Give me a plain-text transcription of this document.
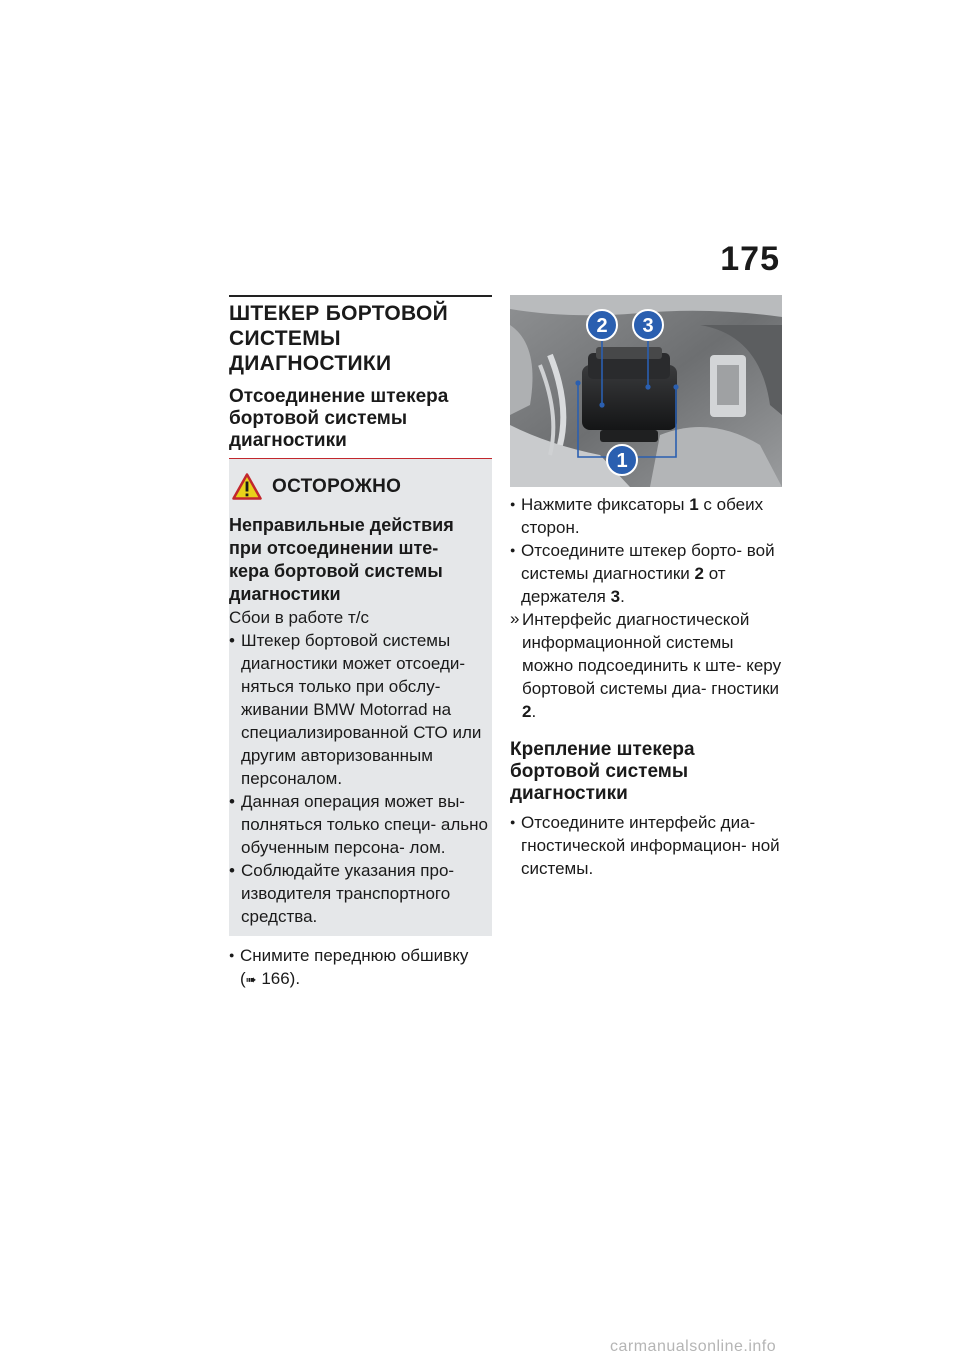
175
ШТЕКЕР БОРТОВОЙ
СИСТЕМЫ ДИАГНОСТИКИ
Отсоединение штекера
бортовой системы
диагностики
ОСТОРОЖНО
Неправильные действия
при отсоединении ште-
кера бортовой системы
диагностики
Сбои в работе т/с
• Штекер бортовой системы диагностики может отсоеди- няться только при обслу- живании BMW Motorrad на специализированной СТО или другим авторизованным персоналом.
• Данная операция может вы- полняться только специ- ально обученным персона- лом.
• Соблюдайте указания про- изводителя транспортного средства.
● Снимите переднюю обшивку
(➠ 166).
2 3
1
● Нажмите фиксаторы 1 с обеих сторон.
● Отсоедините штекер борто- вой системы диагностики 2 от держателя 3.
» Интерфейс диагностической информационной системы можно подсоединить к ште- керу бортовой системы диа- гностики 2.
Крепление штекера
бортовой системы
диагностики
● Отсоедините интерфейс диа- гностической информацион- ной системы.
carmanualsonline.info
